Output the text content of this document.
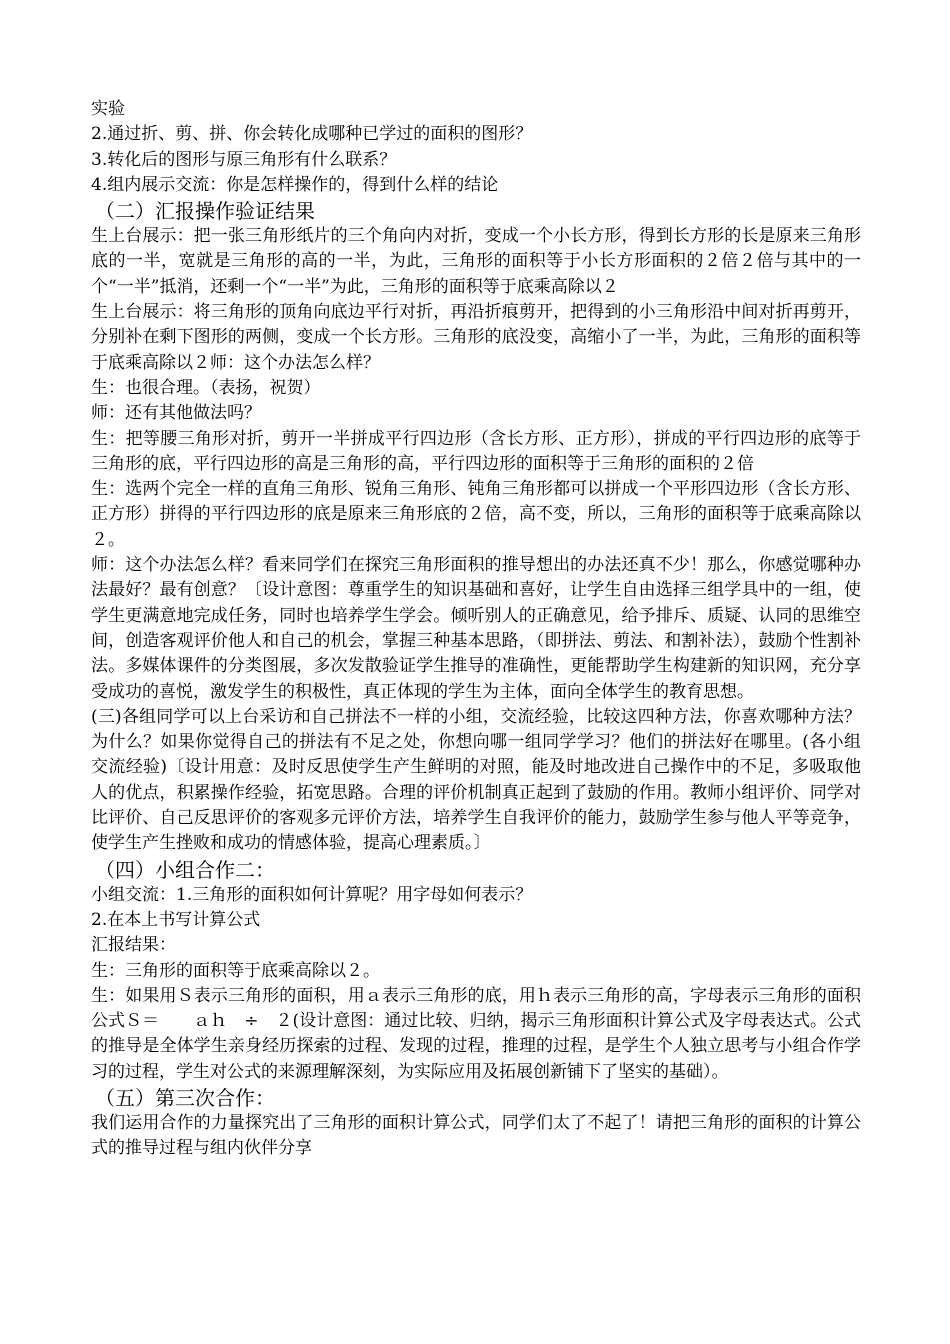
实验

2.通过折、剪、拼、你会转化成哪种已学过的面积的图形？

3.转化后的图形与原三角形有什么联系？

4.组内展示交流：你是怎样操作的，得到什么样的结论

（二）汇报操作验证结果

生上台展示：把一张三角形纸片的三个角向内对折，变成一个小长方形，得到长方形的长是原来三角形底的一半，宽就是三角形的高的一半，为此，三角形的面积等于小长方形面积的２倍２倍与其中的一个“一半”抵消，还剩一个“一半”为此，三角形的面积等于底乘高除以２

生上台展示：将三角形的顶角向底边平行对折，再沿折痕剪开，把得到的小三角形沿中间对折再剪开，分别补在剩下图形的两侧，变成一个长方形。三角形的底没变，高缩小了一半，为此，三角形的面积等于底乘高除以２师：这个办法怎么样？

生：也很合理。（表扬，祝贺）

师：还有其他做法吗？

生：把等腰三角形对折，剪开一半拼成平行四边形（含长方形、正方形），拼成的平行四边形的底等于三角形的底，平行四边形的高是三角形的高，平行四边形的面积等于三角形的面积的２倍

生：选两个完全一样的直角三角形、锐角三角形、钝角三角形都可以拼成一个平形四边形（含长方形、正方形）拼得的平行四边形的底是原来三角形底的２倍，高不变，所以，三角形的面积等于底乘高除以２。

师：这个办法怎么样？看来同学们在探究三角形面积的推导想出的办法还真不少！那么，你感觉哪种办法最好？最有创意？〔设计意图：尊重学生的知识基础和喜好，让学生自由选择三组学具中的一组，使学生更满意地完成任务，同时也培养学生学会。倾听别人的正确意见，给予排斥、质疑、认同的思维空间，创造客观评价他人和自己的机会，掌握三种基本思路，（即拼法、剪法、和割补法），鼓励个性割补法。多媒体课件的分类图展，多次发散验证学生推导的准确性，更能帮助学生构建新的知识网，充分享受成功的喜悦，激发学生的积极性，真正体现的学生为主体，面向全体学生的教育思想。

(三)各组同学可以上台采访和自己拼法不一样的小组，交流经验，比较这四种方法，你喜欢哪种方法？为什么？如果你觉得自己的拼法有不足之处，你想向哪一组同学学习？他们的拼法好在哪里。(各小组交流经验)〔设计用意：及时反思使学生产生鲜明的对照，能及时地改进自己操作中的不足，多吸取他人的优点，积累操作经验，拓宽思路。合理的评价机制真正起到了鼓励的作用。教师小组评价、同学对比评价、自己反思评价的客观多元评价方法，培养学生自我评价的能力，鼓励学生参与他人平等竞争，使学生产生挫败和成功的情感体验，提高心理素质。〕

（四）小组合作二：

小组交流：1.三角形的面积如何计算呢？用字母如何表示？

2.在本上书写计算公式

汇报结果：

生：三角形的面积等于底乘高除以２。

生：如果用Ｓ表示三角形的面积，用ａ表示三角形的底，用ｈ表示三角形的高，字母表示三角形的面积公式Ｓ＝　　ａｈ　÷　２(设计意图：通过比较、归纳，揭示三角形面积计算公式及字母表达式。公式的推导是全体学生亲身经历探索的过程、发现的过程，推理的过程，是学生个人独立思考与小组合作学习的过程，学生对公式的来源理解深刻，为实际应用及拓展创新铺下了坚实的基础）。

（五）第三次合作：

我们运用合作的力量探究出了三角形的面积计算公式，同学们太了不起了！请把三角形的面积的计算公式的推导过程与组内伙伴分享
